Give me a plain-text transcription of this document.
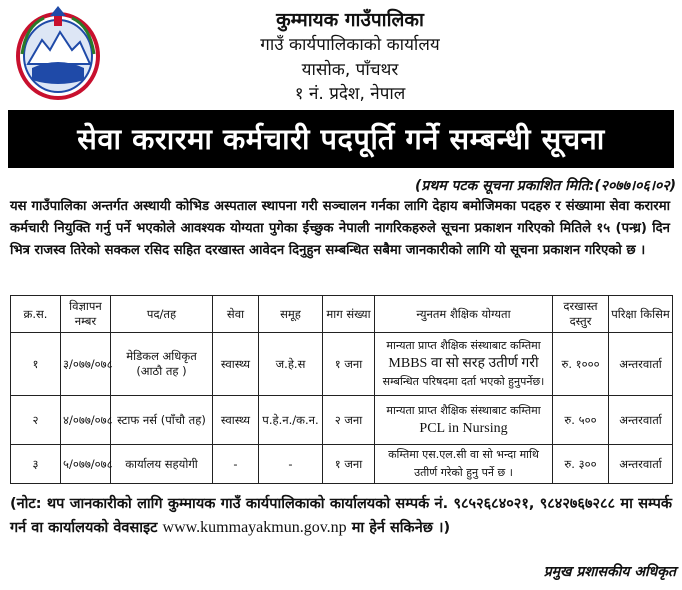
कुम्मायक गाउँपालिका
गाउँ कार्यपालिकाको कार्यालय
यासोक, पाँचथर
१ नं. प्रदेश, नेपाल
सेवा करारमा कर्मचारी पदपूर्ति गर्ने सम्बन्धी सूचना
(प्रथम पटक सूचना प्रकाशित मिति:(२०७७।०६।०२)
यस गाउँपालिका अन्तर्गत अस्थायी कोभिड अस्पताल स्थापना गरी सञ्चालन गर्नका लागि देहाय बमोजिमका पदहरु र संख्यामा सेवा करारमा कर्मचारी नियुक्ति गर्नु पर्ने भएकोले आवश्यक योग्यता पुगेका ईच्छुक नेपाली नागरिकहरुले सूचना प्रकाशन गरिएको मितिले १५ (पन्ध्र) दिन भित्र राजस्व तिरेको सक्कल रसिद सहित दरखास्त आवेदन दिनुहुन सम्बन्धित सबैमा जानकारीको लागि यो सूचना प्रकाशन गरिएको छ ।
क्र.स.	विज्ञापन नम्बर	पद/तह	सेवा	समूह	माग संख्या	न्युनतम शैक्षिक योग्यता	दरखास्त दस्तुर	परिक्षा किसिम
१	३/०७७/०७८	मेडिकल अधिकृत (आठौ तह )	स्वास्थ्य	ज.हे.स	१ जना	मान्यता प्राप्त शैक्षिक संस्थाबाट कम्तिमा
MBBS वा सो सरह उतीर्ण गरी
सम्बन्धित परिषदमा दर्ता भएको हुनुपर्नेछ।	रु. १०००	अन्तरवार्ता
२	४/०७७/०७८	स्टाफ नर्स (पाँचौ तह)	स्वास्थ्य	प.हे.न./क.न.	२ जना	मान्यता प्राप्त शैक्षिक संस्थाबाट कम्तिमा
PCL in Nursing	रु. ५००	अन्तरवार्ता
३	५/०७७/०७८	कार्यालय सहयोगी	-	-	१ जना	कम्तिमा एस.एल.सी वा सो भन्दा माथि
उतीर्ण गरेको हुनु पर्ने छ ।	रु. ३००	अन्तरवार्ता
(नोट: थप जानकारीको लागि कुम्मायक गाउँ कार्यपालिकाको कार्यालयको सम्पर्क नं. ९८५२६८४०२१, ९८४२७६७२८८ मा सम्पर्क गर्न वा कार्यालयको वेवसाइट www.kummayakmun.gov.np मा हेर्न सकिनेछ ।)
प्रमुख प्रशासकीय अधिकृत
